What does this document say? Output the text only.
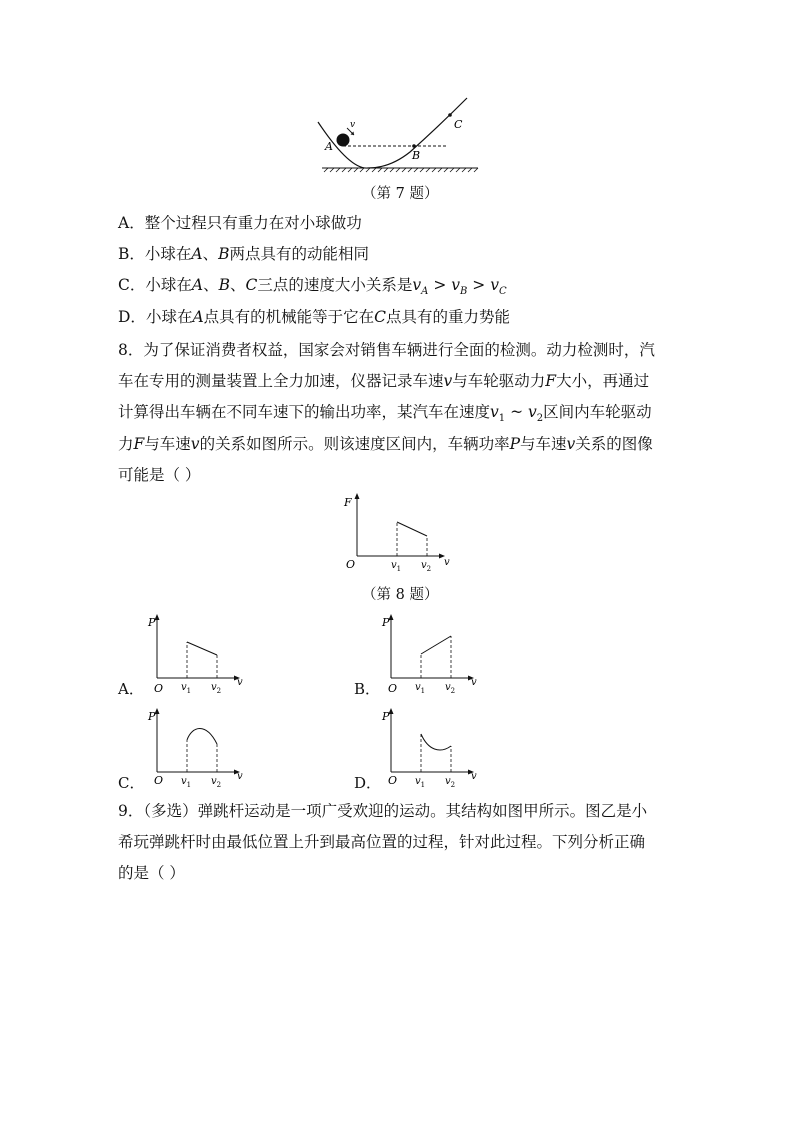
v
A
B
C
（第 7 题）
A．整个过程只有重力在对小球做功
B．小球在A、B两点具有的动能相同
C．小球在A、B、C三点的速度大小关系是$v_A > v_B > v_C$
D．小球在A点具有的机械能等于它在C点具有的重力势能
8．为了保证消费者权益，国家会对销售车辆进行全面的检测。动力检测时，汽
车在专用的测量装置上全力加速，仪器记录车速v与车轮驱动力F大小，再通过
计算得出车辆在不同车速下的输出功率，某汽车在速度$v_1$ ~ $v_2$区间内车轮驱动
力F与车速v的关系如图所示。则该速度区间内，车辆功率P与车速v关系的图像
可能是（ ）
F
O	v
$v_1$ $v_2$
（第 8 题）
A．
P
O	v
$v_1$ $v_2$	B．
P
O	v
$v_1$ $v_2$
C．
P
O	v
$v_1$ $v_2$	D．
P
O	v
$v_1$ $v_2$
9．（多选）弹跳杆运动是一项广受欢迎的运动。其结构如图甲所示。图乙是小
希玩弹跳杆时由最低位置上升到最高位置的过程，针对此过程。下列分析正确
的是（ ）
